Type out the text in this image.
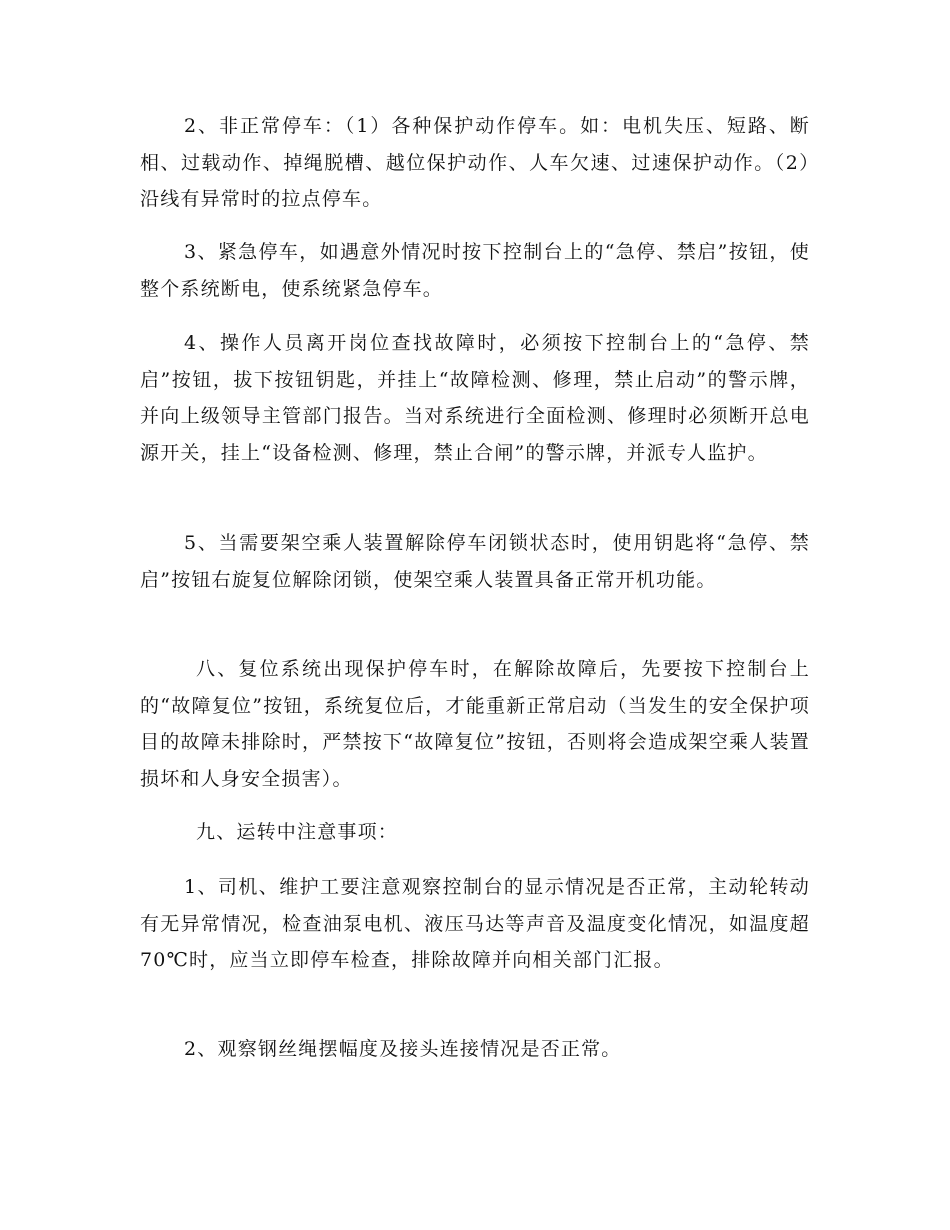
2、非正常停车：（1）各种保护动作停车。如：电机失压、短路、断相、过载动作、掉绳脱槽、越位保护动作、人车欠速、过速保护动作。（2）沿线有异常时的拉点停车。

3、紧急停车，如遇意外情况时按下控制台上的“急停、禁启”按钮，使整个系统断电，使系统紧急停车。

4、操作人员离开岗位查找故障时，必须按下控制台上的“急停、禁启”按钮，拔下按钮钥匙，并挂上“故障检测、修理，禁止启动”的警示牌，并向上级领导主管部门报告。当对系统进行全面检测、修理时必须断开总电源开关，挂上“设备检测、修理，禁止合闸”的警示牌，并派专人监护。

5、当需要架空乘人装置解除停车闭锁状态时，使用钥匙将“急停、禁启”按钮右旋复位解除闭锁，使架空乘人装置具备正常开机功能。

八、复位系统出现保护停车时，在解除故障后，先要按下控制台上的“故障复位”按钮，系统复位后，才能重新正常启动（当发生的安全保护项目的故障未排除时，严禁按下“故障复位”按钮，否则将会造成架空乘人装置损坏和人身安全损害）。

九、运转中注意事项：

1、司机、维护工要注意观察控制台的显示情况是否正常，主动轮转动有无异常情况，检查油泵电机、液压马达等声音及温度变化情况，如温度超70℃时，应当立即停车检查，排除故障并向相关部门汇报。

2、观察钢丝绳摆幅度及接头连接情况是否正常。
